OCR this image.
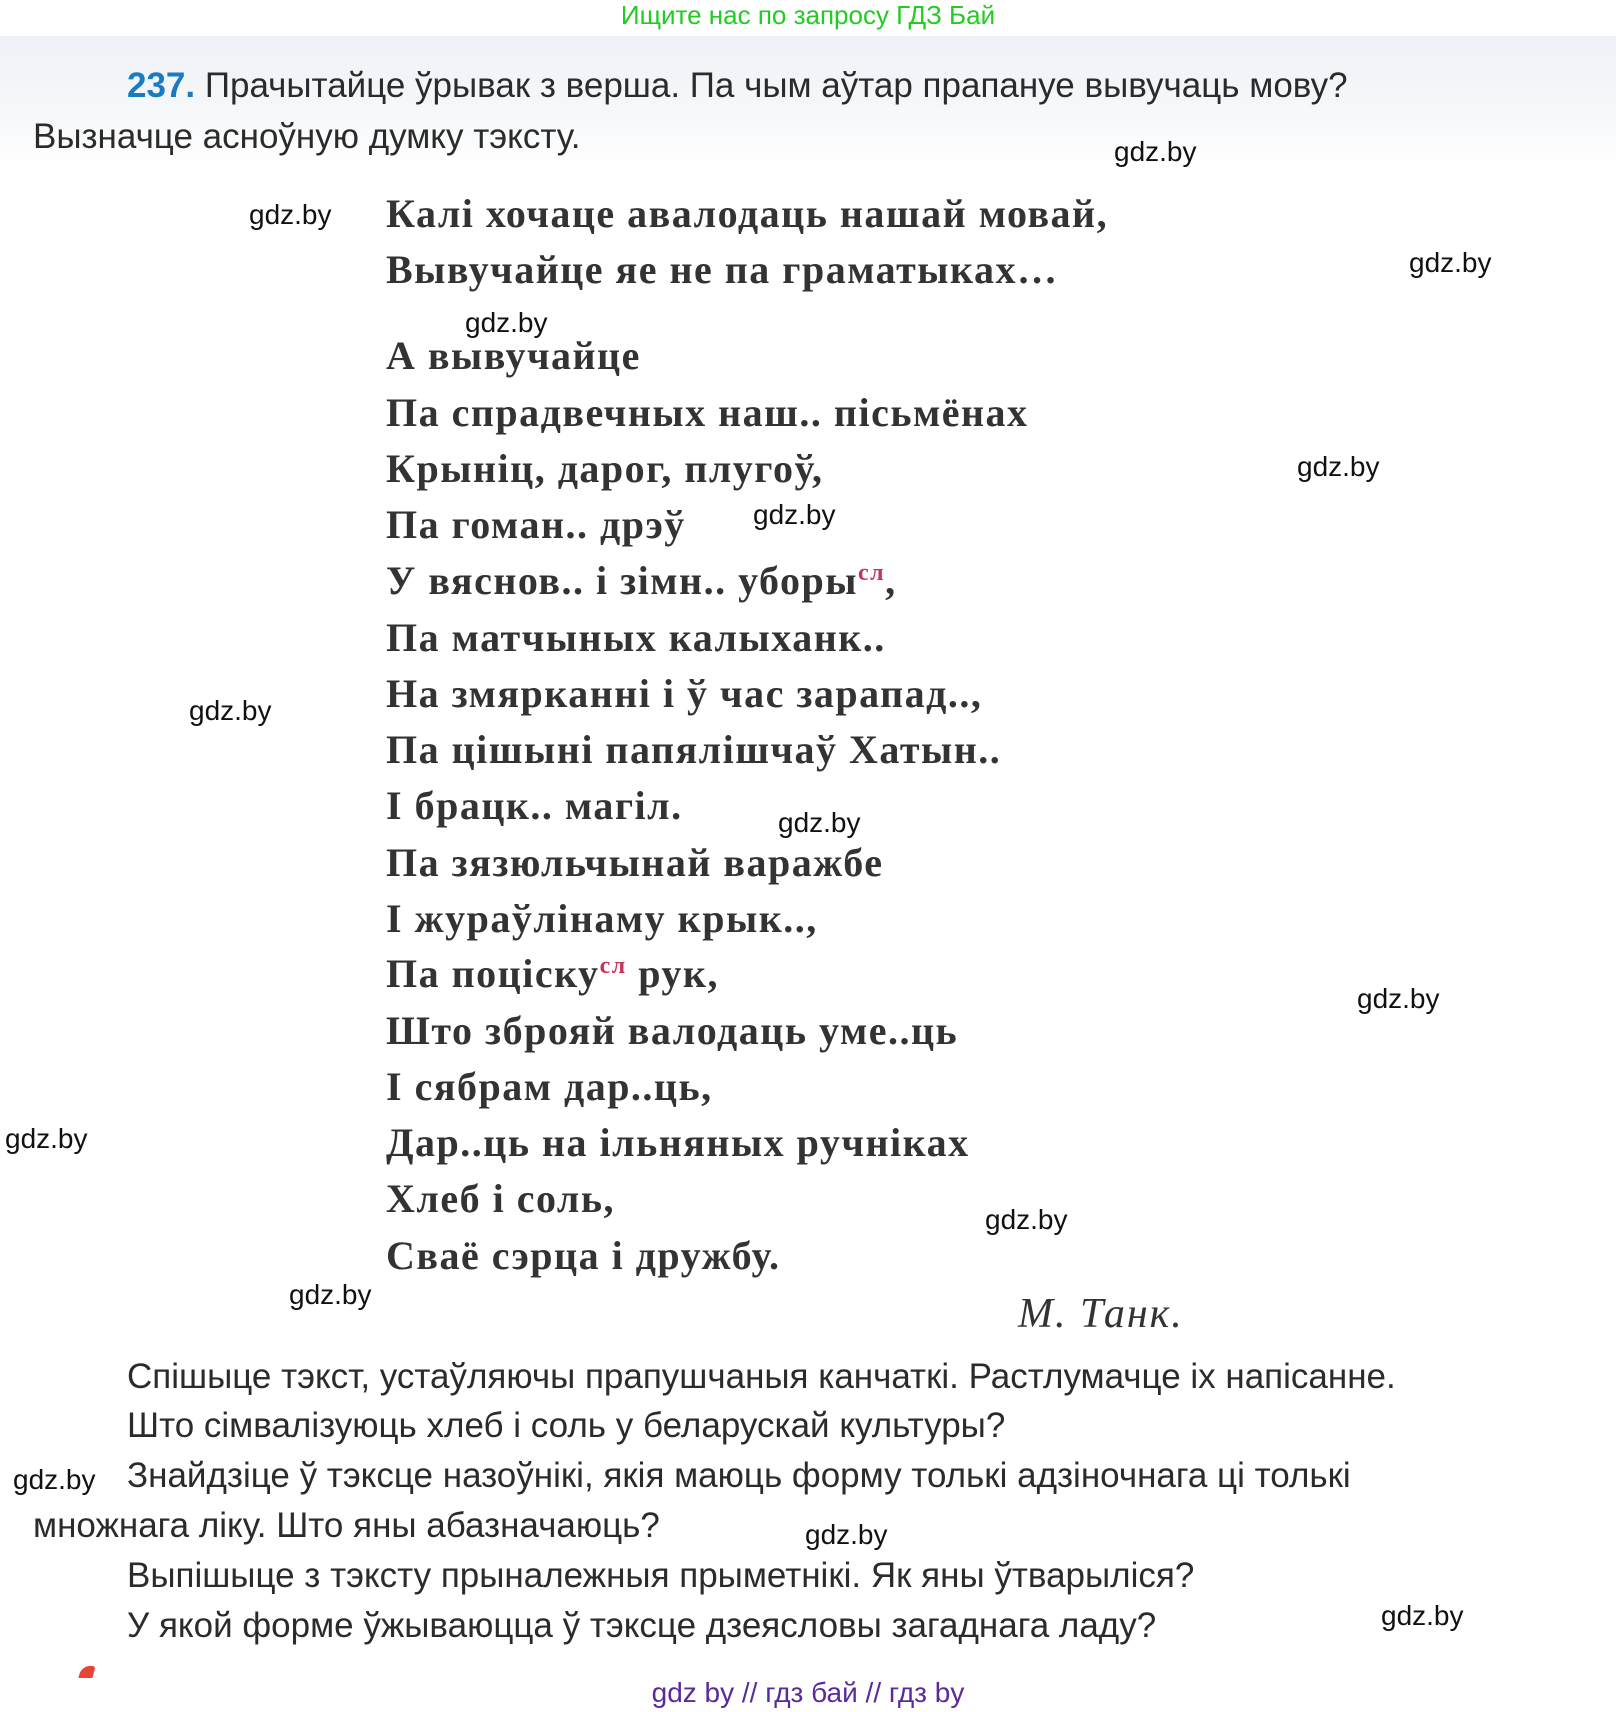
Ищите нас по запросу ГДЗ Бай
237. Прачытайце ўрывак з верша. Па чым аўтар прапануе вывучаць мову?
Вызначце асноўную думку тэксту.
Калі хочаце авалодаць нашай мовай,
Вывучайце яе не па граматыках…
А вывучайце
Па спрадвечных наш.. пісьмёнах
Крыніц, дарог, плугоў,
Па гоман.. дрэў
У вяснов.. і зімн.. уборы$^{сл}$,
Па матчыных калыханк..
На змярканні і ў час зарапад..,
Па цішыні папялішчаў Хатын..
І брацк.. магіл.
Па зязюльчынай варажбе
І жураўлінаму крык..,
Па поціску$^{сл}$ рук,
Што зброяй валодаць уме..ць
І сябрам дар..ць,
Дар..ць на ільняных ручніках
Хлеб і соль,
Сваё сэрца і дружбу.
М. Танк.
Спішыце тэкст, устаўляючы прапушчаныя канчаткі. Растлумачце іх напісанне.
Што сімвалізуюць хлеб і соль у беларускай культуры?
Знайдзіце ў тэксце назоўнікі, якія маюць форму толькі адзіночнага ці толькі
множнага ліку. Што яны абазначаюць?
Выпішыце з тэксту прыналежныя прыметнікі. Як яны ўтварыліся?
У якой форме ўжываюцца ў тэксце дзеясловы загаднага ладу?
gdz.by
gdz.by
gdz.by
gdz.by
gdz.by
gdz.by
gdz.by
gdz.by
gdz.by
gdz.by
gdz.by
gdz.by
gdz.by
gdz.by
gdz.by
gdz by // гдз бай // гдз by
